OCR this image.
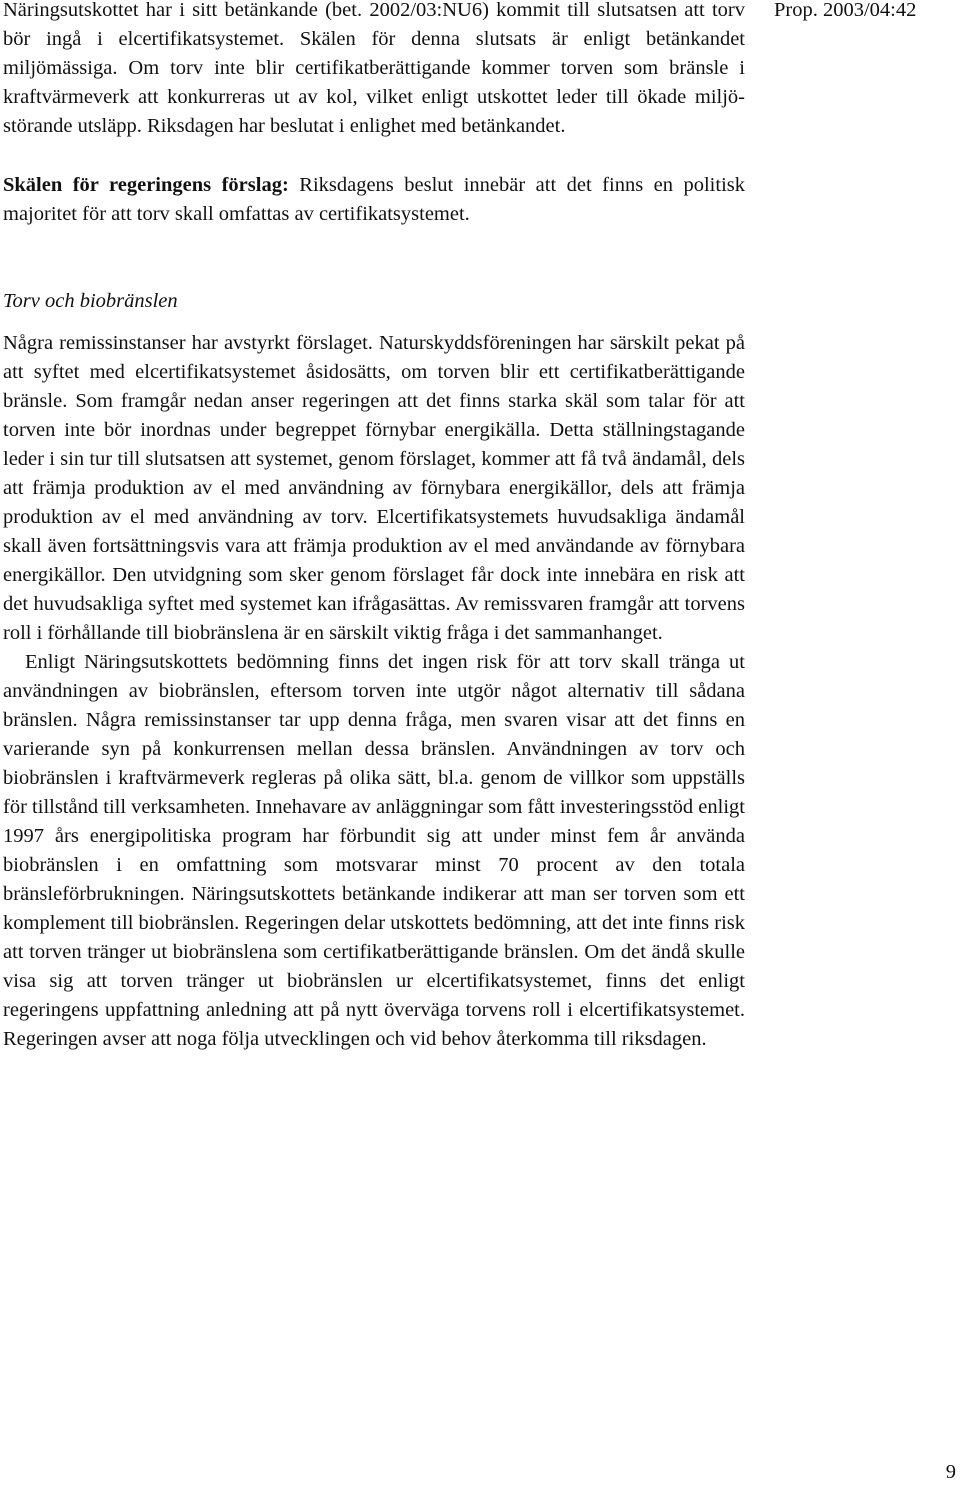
Prop. 2003/04:42

Näringsutskottet har i sitt betänkande (bet. 2002/03:NU6) kommit till slutsatsen att torv bör ingå i elcertifikatsystemet. Skälen för denna slutsats är enligt betänkandet miljömässiga. Om torv inte blir certifikatberättigande kommer torven som bränsle i kraftvärmeverk att konkurreras ut av kol, vilket enligt utskottet leder till ökade miljöstörande utsläpp. Riksdagen har beslutat i enlighet med betänkandet.

Skälen för regeringens förslag: Riksdagens beslut innebär att det finns en politisk majoritet för att torv skall omfattas av certifikatsystemet.

Torv och biobränslen

Några remissinstanser har avstyrkt förslaget. Naturskyddsföreningen har särskilt pekat på att syftet med elcertifikatsystemet åsidosätts, om torven blir ett certifikatberättigande bränsle. Som framgår nedan anser regeringen att det finns starka skäl som talar för att torven inte bör inordnas under begreppet förnybar energikälla. Detta ställningstagande leder i sin tur till slutsatsen att systemet, genom förslaget, kommer att få två ändamål, dels att främja produktion av el med användning av förnybara energikällor, dels att främja produktion av el med användning av torv. Elcertifikatsystemets huvudsakliga ändamål skall även fortsättningsvis vara att främja produktion av el med användande av förnybara energikällor. Den utvidgning som sker genom förslaget får dock inte innebära en risk att det huvudsakliga syftet med systemet kan ifrågasättas. Av remissvaren framgår att torvens roll i förhållande till biobränslena är en särskilt viktig fråga i det sammanhanget.

Enligt Näringsutskottets bedömning finns det ingen risk för att torv skall tränga ut användningen av biobränslen, eftersom torven inte utgör något alternativ till sådana bränslen. Några remissinstanser tar upp denna fråga, men svaren visar att det finns en varierande syn på konkurrensen mellan dessa bränslen. Användningen av torv och biobränslen i kraftvärmeverk regleras på olika sätt, bl.a. genom de villkor som uppställs för tillstånd till verksamheten. Innehavare av anläggningar som fått investeringsstöd enligt 1997 års energipolitiska program har förbundit sig att under minst fem år använda biobränslen i en omfattning som motsvarar minst 70 procent av den totala bränsleförbrukningen. Näringsutskottets betänkande indikerar att man ser torven som ett komplement till biobränslen. Regeringen delar utskottets bedömning, att det inte finns risk att torven tränger ut biobränslena som certifikatberättigande bränslen. Om det ändå skulle visa sig att torven tränger ut biobränslen ur elcertifikatsystemet, finns det enligt regeringens uppfattning anledning att på nytt överväga torvens roll i elcertifikatsystemet. Regeringen avser att noga följa utvecklingen och vid behov återkomma till riksdagen.

9
